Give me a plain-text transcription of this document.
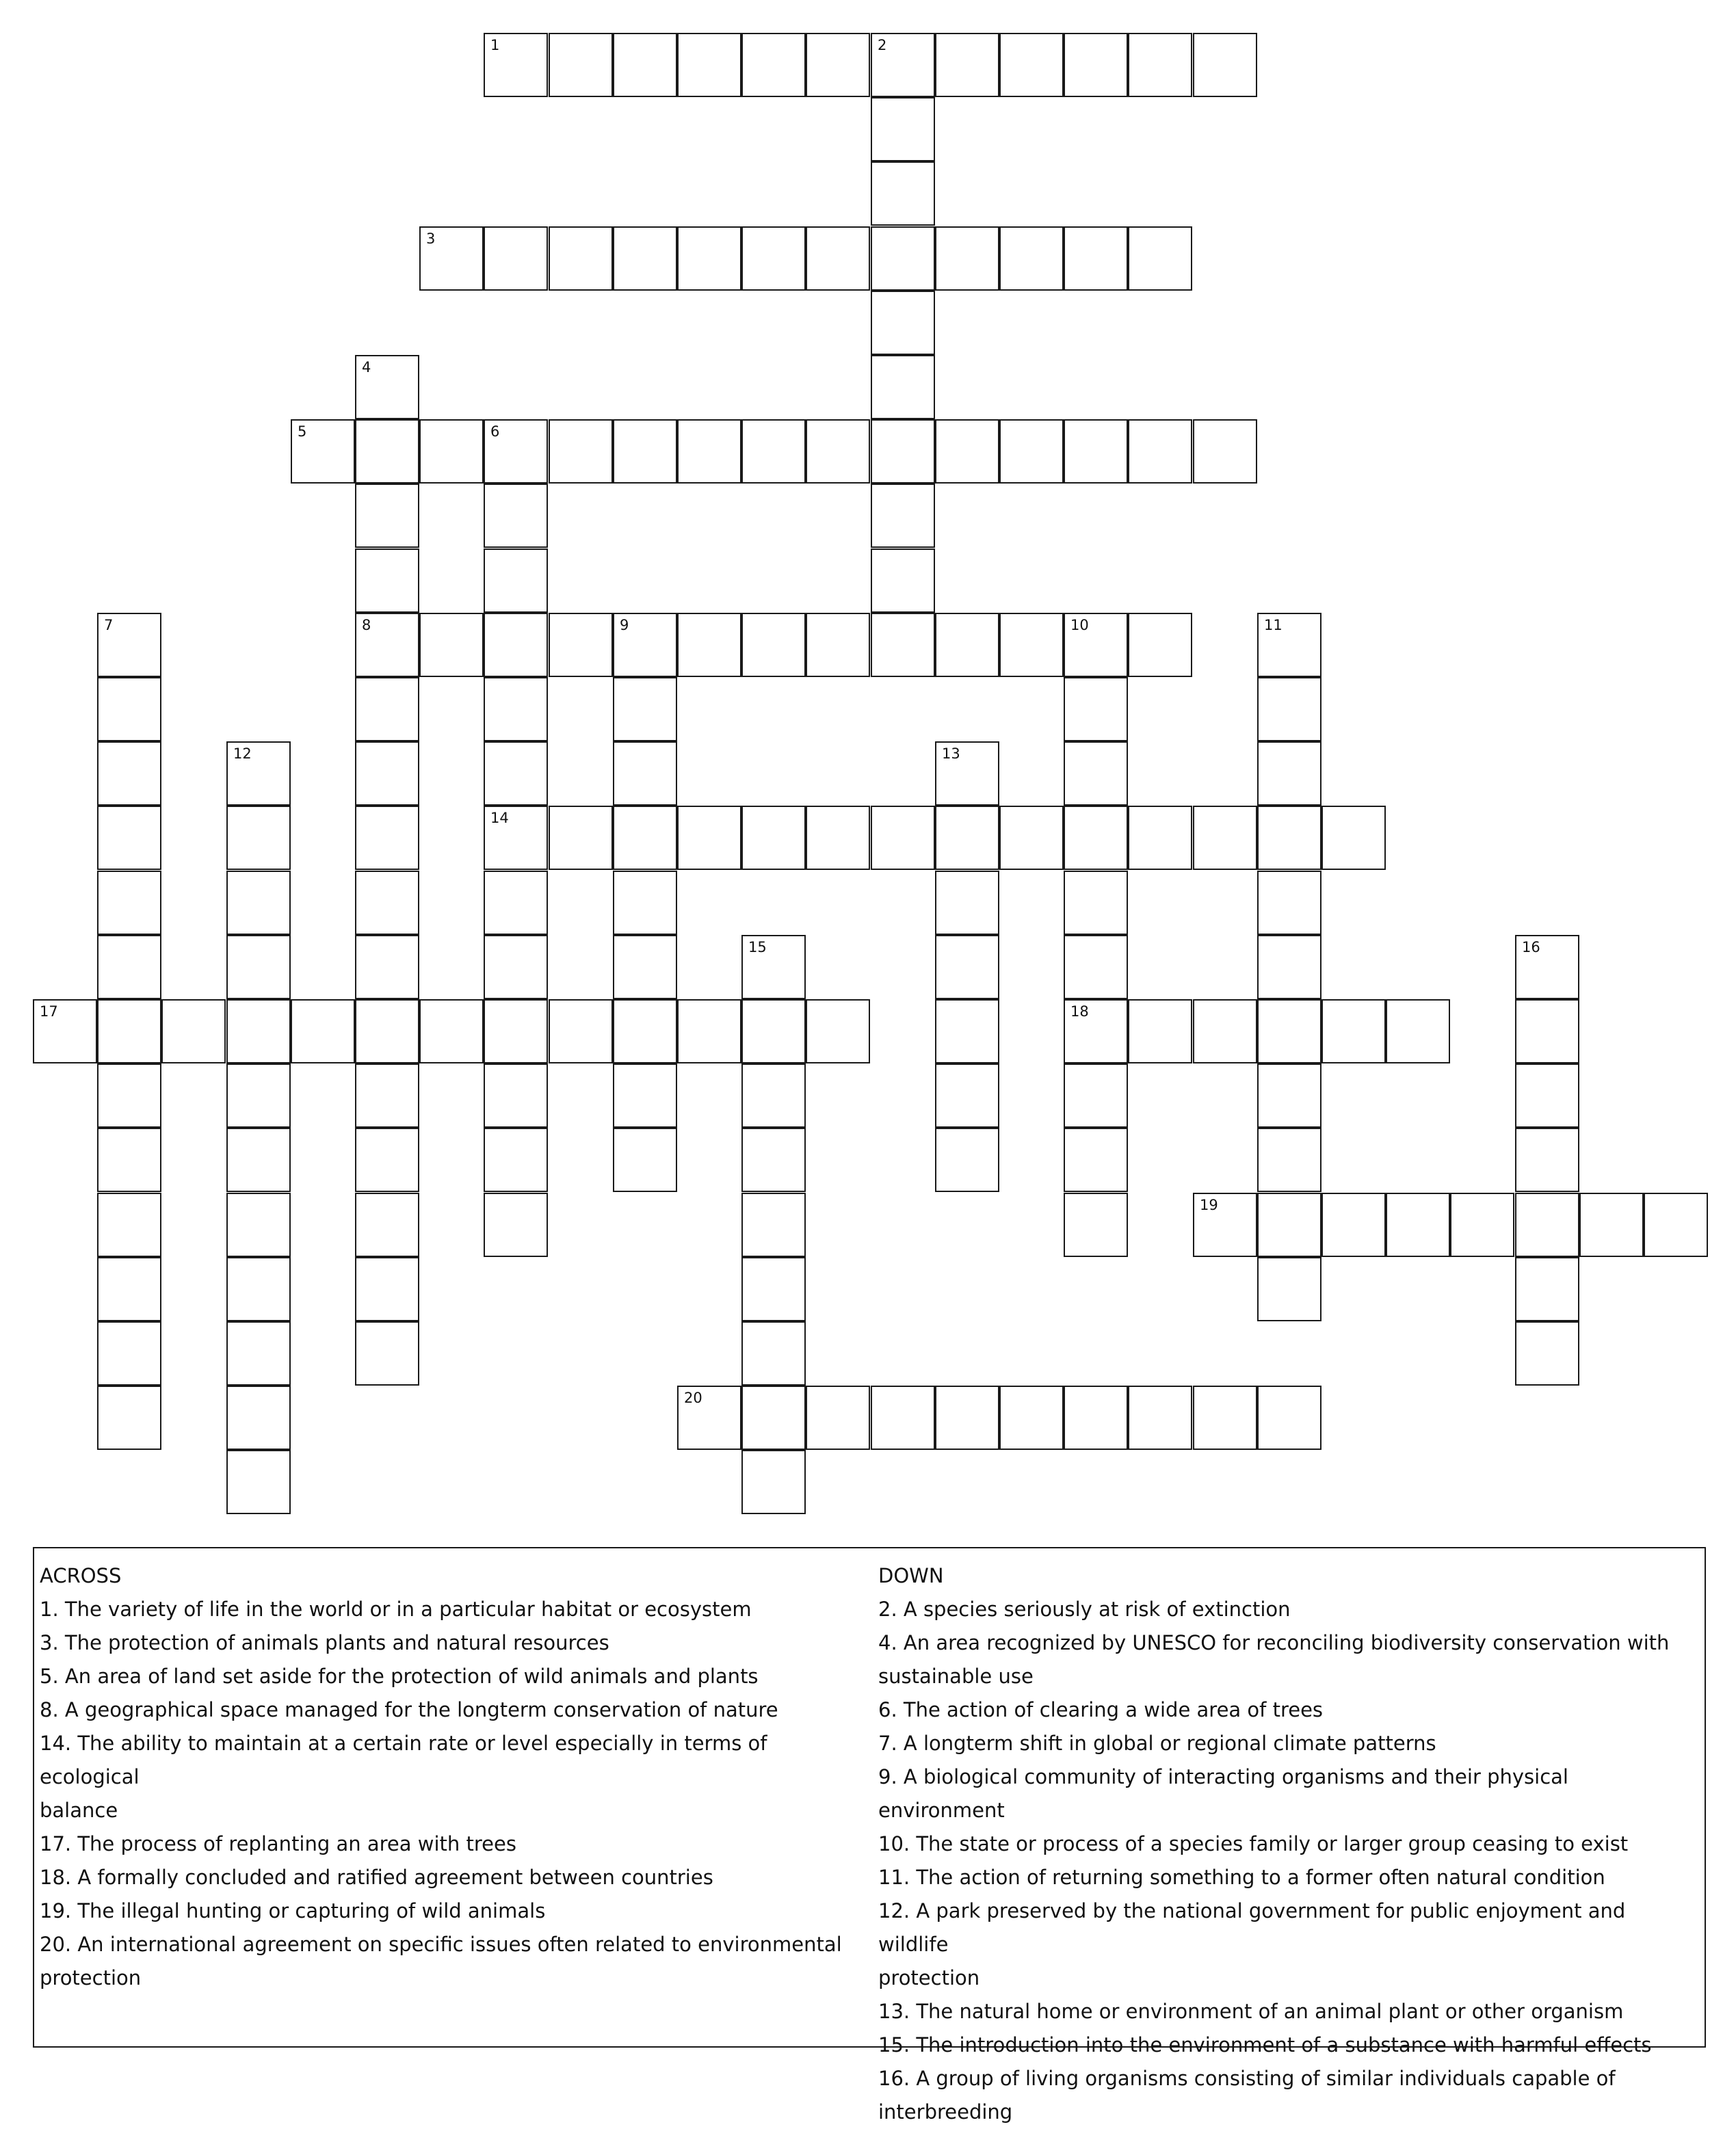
1	2
3
4
8
5	6
14
7	9	10
18
11
12	13
15	16
17
19
20

ACROSS

1. The variety of life in the world or in a particular habitat or ecosystem

3. The protection of animals plants and natural resources

5. An area of land set aside for the protection of wild animals and plants

8. A geographical space managed for the longterm conservation of nature

14. The ability to maintain at a certain rate or level especially in terms of ecological

balance

17. The process of replanting an area with trees

18. A formally concluded and ratified agreement between countries

19. The illegal hunting or capturing of wild animals

20. An international agreement on specific issues often related to environmental

protection

DOWN

2. A species seriously at risk of extinction

4. An area recognized by UNESCO for reconciling biodiversity conservation with

sustainable use

6. The action of clearing a wide area of trees

7. A longterm shift in global or regional climate patterns

9. A biological community of interacting organisms and their physical environment

10. The state or process of a species family or larger group ceasing to exist

11. The action of returning something to a former often natural condition

12. A park preserved by the national government for public enjoyment and wildlife

protection

13. The natural home or environment of an animal plant or other organism

15. The introduction into the environment of a substance with harmful effects

16. A group of living organisms consisting of similar individuals capable of interbreeding
